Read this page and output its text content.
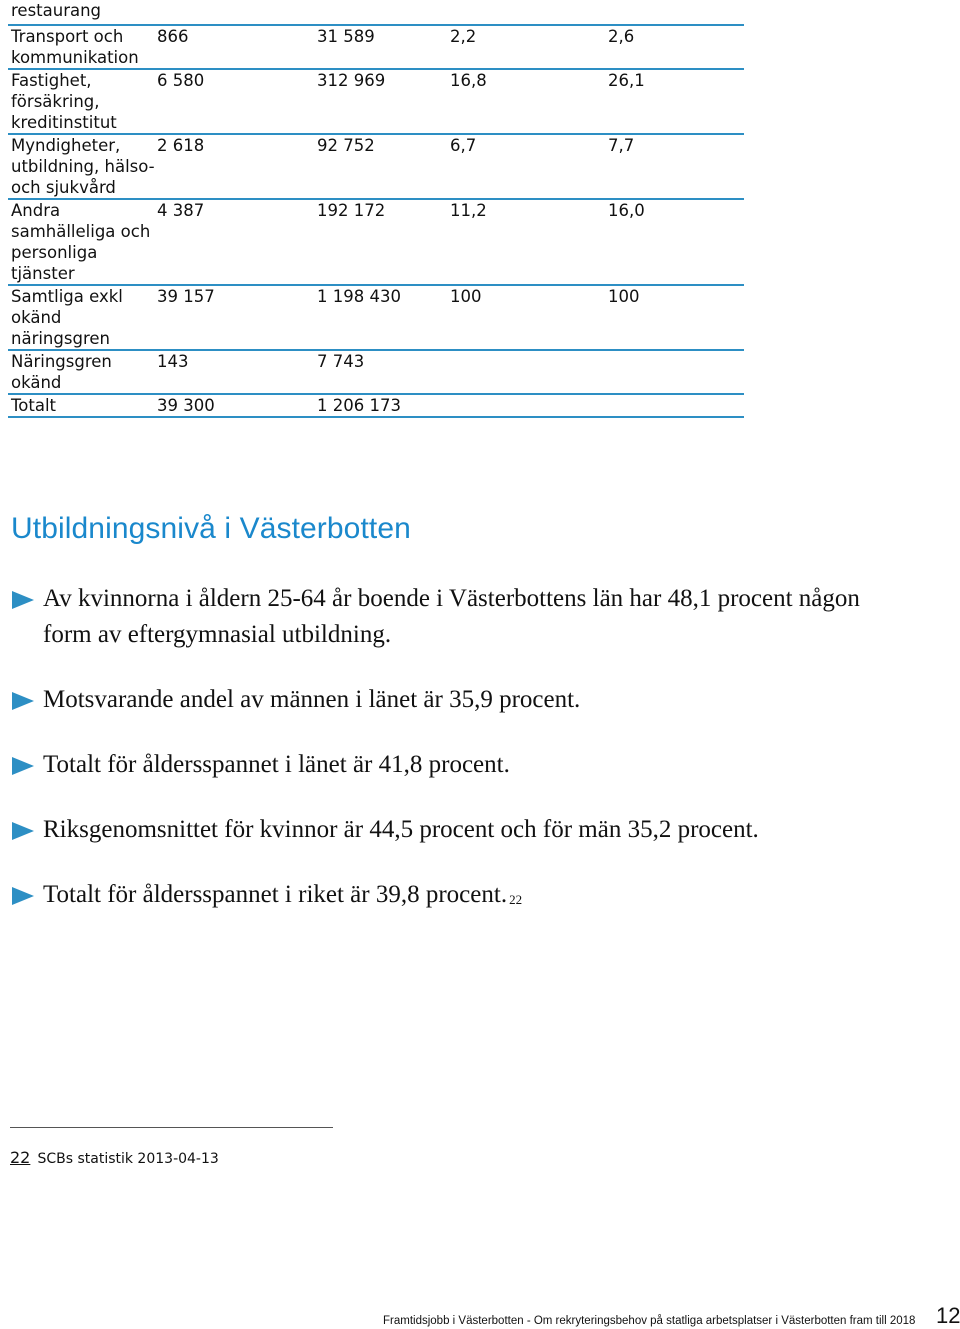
restaurang				
Transport och kommunikation	866	31 589	2,2	2,6
Fastighet, försäkring, kreditinstitut	6 580	312 969	16,8	26,1
Myndigheter, utbildning, hälso- och sjukvård	2 618	92 752	6,7	7,7
Andra samhälleliga och personliga tjänster	4 387	192 172	11,2	16,0
Samtliga exkl okänd näringsgren	39 157	1 198 430	100	100
Näringsgren okänd	143	7 743		
Totalt	39 300	1 206 173		
Utbildningsnivå i Västerbotten
Av kvinnorna i åldern 25-64 år boende i Västerbottens län har 48,1 procent någon form av eftergymnasial utbildning.
Motsvarande andel av männen i länet är 35,9 procent.
Totalt för åldersspannet i länet är 41,8 procent.
Riksgenomsnittet för kvinnor är 44,5 procent och för män 35,2 procent.
Totalt för åldersspannet i riket är 39,8 procent. $^{22}$
22 SCBs statistik 2013-04-13
Framtidsjobb i Västerbotten - Om rekryteringsbehov på statliga arbetsplatser i Västerbotten fram till 2018 12
